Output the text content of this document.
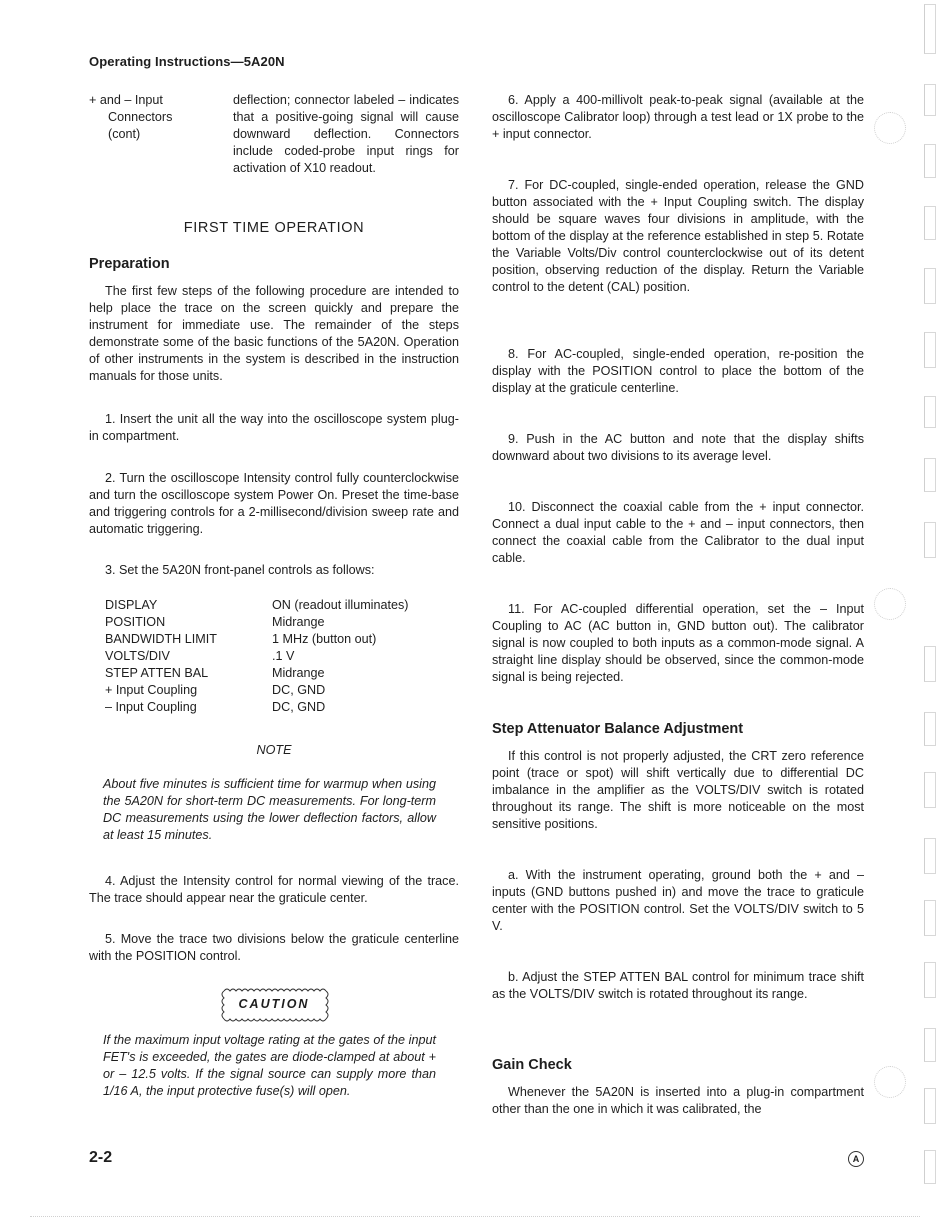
Operating Instructions—5A20N
+ and – Input
Connectors
(cont)
deflection; connector labeled – indicates that a positive-going signal will cause downward deflection. Connectors include coded-probe input rings for activation of X10 readout.
FIRST TIME OPERATION
Preparation
The first few steps of the following procedure are intended to help place the trace on the screen quickly and prepare the instrument for immediate use. The remainder of the steps demonstrate some of the basic functions of the 5A20N. Operation of other instruments in the system is described in the instruction manuals for those units.
1. Insert the unit all the way into the oscilloscope system plug-in compartment.
2. Turn the oscilloscope Intensity control fully counterclockwise and turn the oscilloscope system Power On. Preset the time-base and triggering controls for a 2-millisecond/division sweep rate and automatic triggering.
3. Set the 5A20N front-panel controls as follows:
DISPLAY	ON (readout illuminates)
POSITION	Midrange
BANDWIDTH LIMIT	1 MHz (button out)
VOLTS/DIV	.1 V
STEP ATTEN BAL	Midrange
+ Input Coupling	DC, GND
– Input Coupling	DC, GND
NOTE
About five minutes is sufficient time for warmup when using the 5A20N for short-term DC measurements. For long-term DC measurements using the lower deflection factors, allow at least 15 minutes.
4. Adjust the Intensity control for normal viewing of the trace. The trace should appear near the graticule center.
5. Move the trace two divisions below the graticule centerline with the POSITION control.
CAUTION
If the maximum input voltage rating at the gates of the input FET's is exceeded, the gates are diode-clamped at about + or – 12.5 volts. If the signal source can supply more than 1/16 A, the input protective fuse(s) will open.
6. Apply a 400-millivolt peak-to-peak signal (available at the oscilloscope Calibrator loop) through a test lead or 1X probe to the + input connector.
7. For DC-coupled, single-ended operation, release the GND button associated with the + Input Coupling switch. The display should be square waves four divisions in amplitude, with the bottom of the display at the reference established in step 5. Rotate the Variable Volts/Div control counterclockwise out of its detent position, observing reduction of the display. Return the Variable control to the detent (CAL) position.
8. For AC-coupled, single-ended operation, re-position the display with the POSITION control to place the bottom of the display at the graticule centerline.
9. Push in the AC button and note that the display shifts downward about two divisions to its average level.
10. Disconnect the coaxial cable from the + input connector. Connect a dual input cable to the + and – input connectors, then connect the coaxial cable from the Calibrator to the dual input cable.
11. For AC-coupled differential operation, set the – Input Coupling to AC (AC button in, GND button out). The calibrator signal is now coupled to both inputs as a common-mode signal. A straight line display should be observed, since the common-mode signal is being rejected.
Step Attenuator Balance Adjustment
If this control is not properly adjusted, the CRT zero reference point (trace or spot) will shift vertically due to differential DC imbalance in the amplifier as the VOLTS/DIV switch is rotated throughout its range. The shift is more noticeable on the most sensitive positions.
a. With the instrument operating, ground both the + and – inputs (GND buttons pushed in) and move the trace to graticule center with the POSITION control. Set the VOLTS/DIV switch to 5 V.
b. Adjust the STEP ATTEN BAL control for minimum trace shift as the VOLTS/DIV switch is rotated throughout its range.
Gain Check
Whenever the 5A20N is inserted into a plug-in compartment other than the one in which it was calibrated, the
2-2	A
